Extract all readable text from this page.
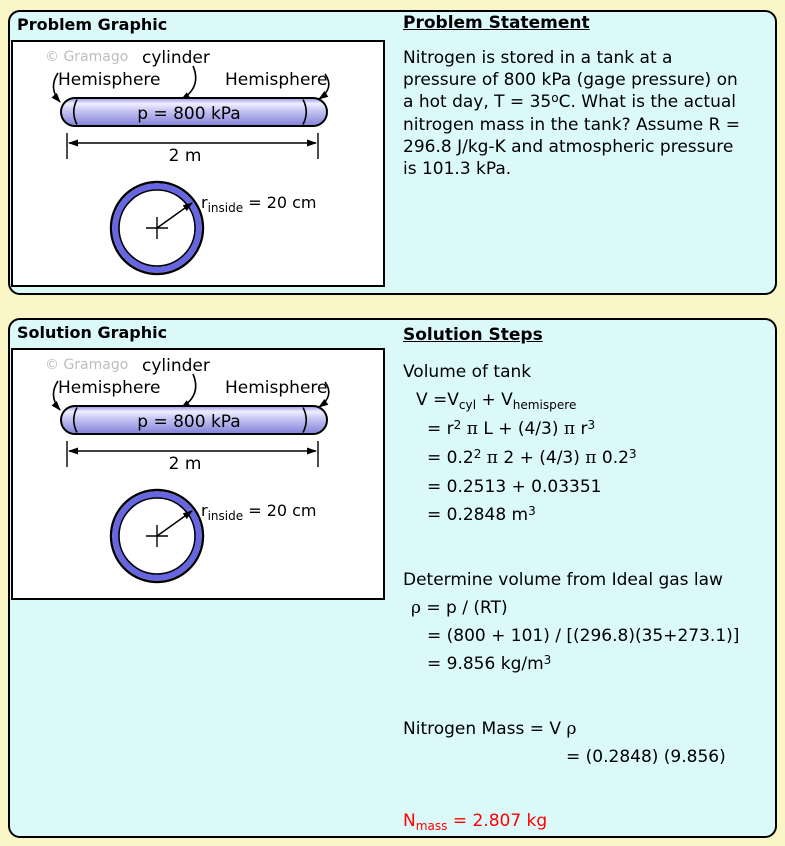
Problem Graphic
© Gramago cylinder
Hemisphere	Hemisphere
p = 800 kPa
2 m
$r_{inside} = 20$ cm
Problem Statement
Nitrogen is stored in a tank at a
pressure of 800 kPa (gage pressure) on
a hot day, $T = 35^oC$. What is the actual
nitrogen mass in the tank? Assume R =
296.8 J/kg-K and atmospheric pressure
is 101.3 kPa.
Solution Graphic
© Gramago cylinder
Hemisphere	Hemisphere
p = 800 kPa
2 m
$r_{inside} = 20$ cm
Solution Steps
Volume of tank
$V =V_{cyl} + V_{hemispere}$
= $r^2$ π L + (4/3) π $r^3$
= $0.2^2$ π 2 + (4/3) π $0.2^3$
= 0.2513 + 0.03351
= 0.2848 $m^3$
Determine volume from Ideal gas law
ρ = p / (RT)
= (800 + 101) / [(296.8)(35+273.1)]
= 9.856 $kg/m^3$
Nitrogen Mass = V ρ
= (0.2848) (9.856)
$N_{mass} = 2.807$ kg
